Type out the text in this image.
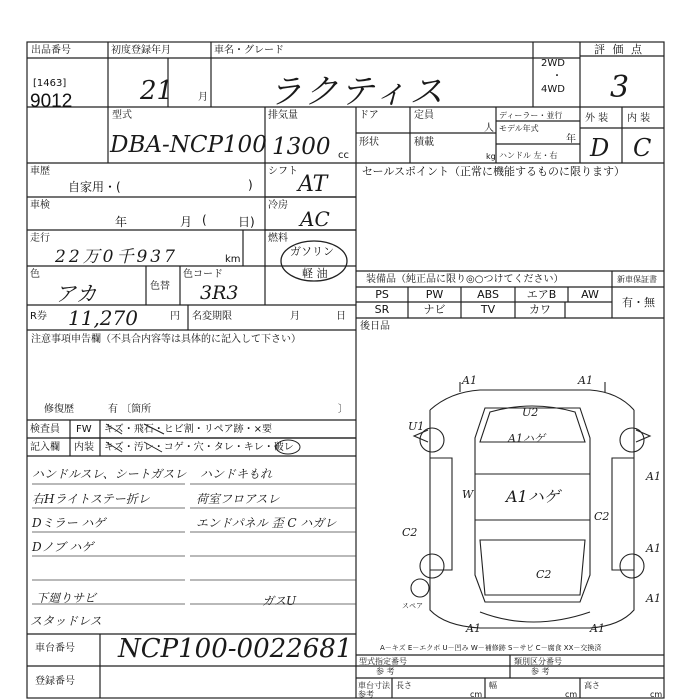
出品番号
[1463]
9012
初度登録年月
21 月
車名・グレード
ラクティス
2WD
・
4WD
評 価 点
3
外 装 内 装
D C
型式
DBA-NCP100
排気量
1300 cc
ドア	定員
人
ディーラー・並行
モデル年式
年
形状	積載
kg ハンドル 左・右
車歴
自家用・(	)
車検
年	月 (	日)
走行
22万0千937	km
色
アカ	色替
色コード
3R3
R券 11,270	円 名変期限	月	日
シフト
AT
冷房
AC
燃料
ガソリン
軽 油
セールスポイント（正常に機能するものに限ります）
装備品（純正品に限り◎○つけてください）	新車保証書
有・無
PS	PW	ABS	エアB	AW
SR	ナビ	TV	カワ
後日品
注意事項申告欄（不具合内容等は具体的に記入して下さい）
修復歴	有 〔箇所	〕
検査員
記入欄
FW キズ・飛石・ヒビ割・リペア跡・×要
内装 キズ・汚レ・コゲ・穴・タレ・キレ・破レ
ハンドルスレ、シートガスレ
右Hライトステー折レ
Dミラー ハゲ
Dノブ ハゲ
下廻りサビ
スタッドレス
ハンドキもれ
荷室フロアスレ
エンドパネル 歪 C ハガレ
ガスU
A1	A1
U2
A1ハゲ
U1
A1
W A1ハゲ
C2
C2
C2
A1
A1
A1	A1
スペア
車台番号 NCP100-0022681
登録番号
A－キズ E－エクボ U－凹み W－補修跡 S－サビ C－腐食 XX－交換済
型式指定番号
参 考
類別区分番号
参 考
車台寸法参考
長さ
cm
幅
cm
高さ
cm
